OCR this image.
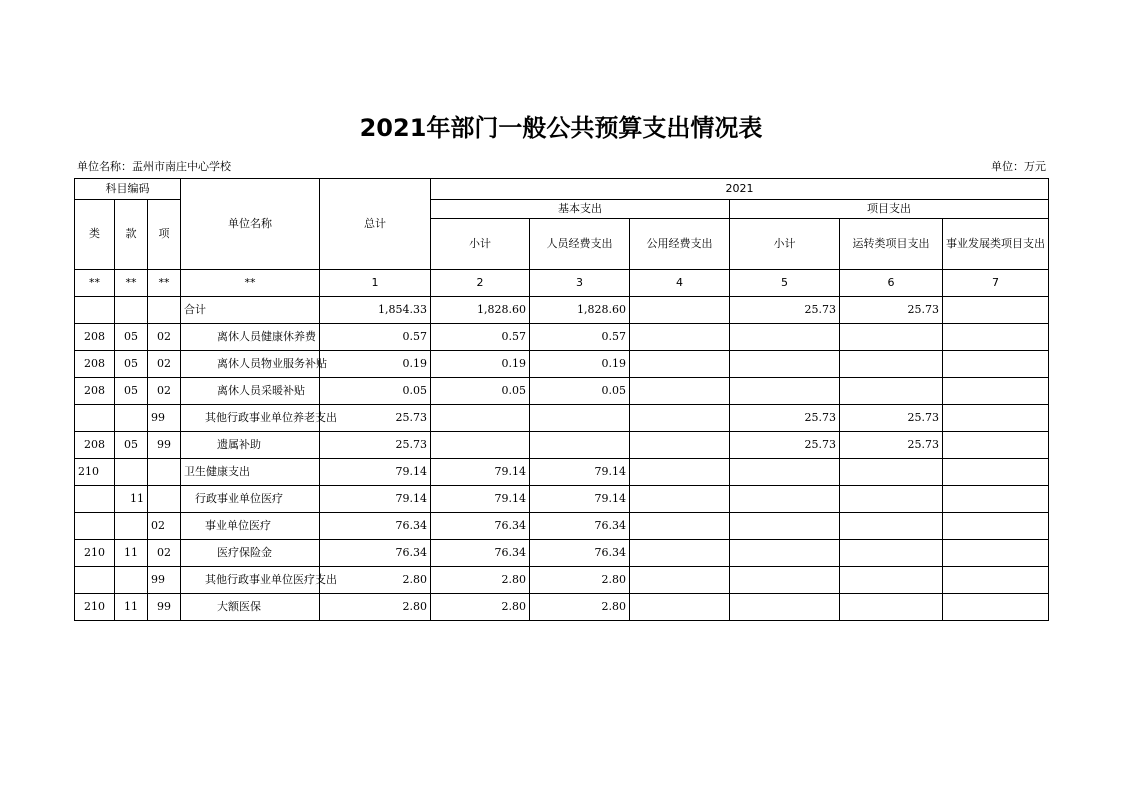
2021年部门一般公共预算支出情况表
单位名称：盂州市南庄中心学校	单位：万元
科目编码			单位名称	总计	2021					
类	款	项			基本支出			项目支出		
					小计	人员经费支出	公用经费支出	小计	运转类项目支出	事业发展类项目支出
**	**	**	**	1	2	3	4	5	6	7
			合计	1,854.33	1,828.60	1,828.60		25.73	25.73	
208	05	02	离休人员健康休养费	0.57	0.57	0.57				
208	05	02	离休人员物业服务补贴	0.19	0.19	0.19				
208	05	02	离休人员采暖补贴	0.05	0.05	0.05				
		99	其他行政事业单位养老支出	25.73				25.73	25.73	
208	05	99	遗属补助	25.73				25.73	25.73	
210			卫生健康支出	79.14	79.14	79.14				
	11		行政事业单位医疗	79.14	79.14	79.14				
		02	事业单位医疗	76.34	76.34	76.34				
210	11	02	医疗保险金	76.34	76.34	76.34				
		99	其他行政事业单位医疗支出	2.80	2.80	2.80				
210	11	99	大额医保	2.80	2.80	2.80				
